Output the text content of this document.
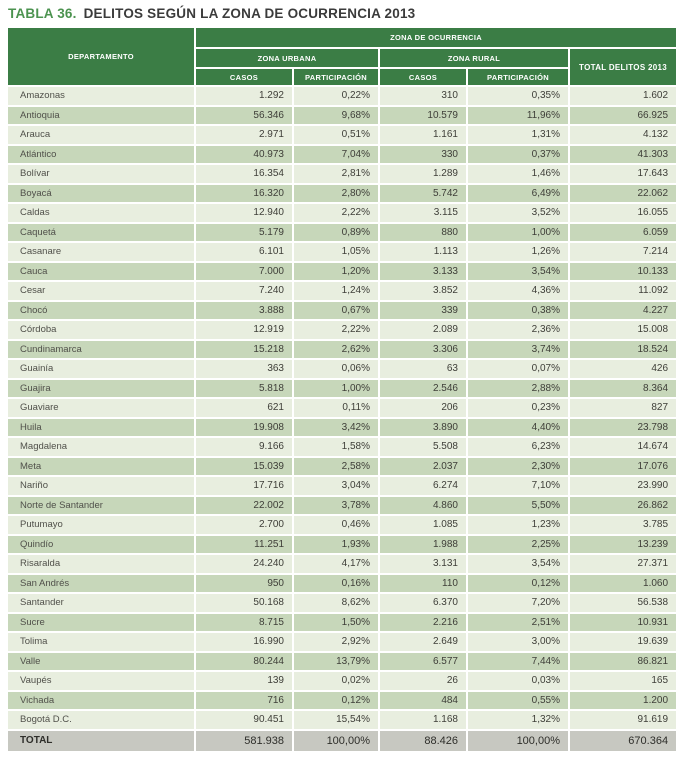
TABLA 36. DELITOS SEGÚN LA ZONA DE OCURRENCIA 2013
DEPARTAMENTO	ZONA DE OCURRENCIA				
	ZONA URBANA		ZONA RURAL		TOTAL DELITOS 2013
	CASOS	PARTICIPACIÓN	CASOS	PARTICIPACIÓN	
Amazonas	1.292	0,22%	310	0,35%	1.602
Antioquia	56.346	9,68%	10.579	11,96%	66.925
Arauca	2.971	0,51%	1.161	1,31%	4.132
Atlántico	40.973	7,04%	330	0,37%	41.303
Bolívar	16.354	2,81%	1.289	1,46%	17.643
Boyacá	16.320	2,80%	5.742	6,49%	22.062
Caldas	12.940	2,22%	3.115	3,52%	16.055
Caquetá	5.179	0,89%	880	1,00%	6.059
Casanare	6.101	1,05%	1.113	1,26%	7.214
Cauca	7.000	1,20%	3.133	3,54%	10.133
Cesar	7.240	1,24%	3.852	4,36%	11.092
Chocó	3.888	0,67%	339	0,38%	4.227
Córdoba	12.919	2,22%	2.089	2,36%	15.008
Cundinamarca	15.218	2,62%	3.306	3,74%	18.524
Guainía	363	0,06%	63	0,07%	426
Guajira	5.818	1,00%	2.546	2,88%	8.364
Guaviare	621	0,11%	206	0,23%	827
Huila	19.908	3,42%	3.890	4,40%	23.798
Magdalena	9.166	1,58%	5.508	6,23%	14.674
Meta	15.039	2,58%	2.037	2,30%	17.076
Nariño	17.716	3,04%	6.274	7,10%	23.990
Norte de Santander	22.002	3,78%	4.860	5,50%	26.862
Putumayo	2.700	0,46%	1.085	1,23%	3.785
Quindío	11.251	1,93%	1.988	2,25%	13.239
Risaralda	24.240	4,17%	3.131	3,54%	27.371
San Andrés	950	0,16%	110	0,12%	1.060
Santander	50.168	8,62%	6.370	7,20%	56.538
Sucre	8.715	1,50%	2.216	2,51%	10.931
Tolima	16.990	2,92%	2.649	3,00%	19.639
Valle	80.244	13,79%	6.577	7,44%	86.821
Vaupés	139	0,02%	26	0,03%	165
Vichada	716	0,12%	484	0,55%	1.200
Bogotá D.C.	90.451	15,54%	1.168	1,32%	91.619
TOTAL	581.938	100,00%	88.426	100,00%	670.364
